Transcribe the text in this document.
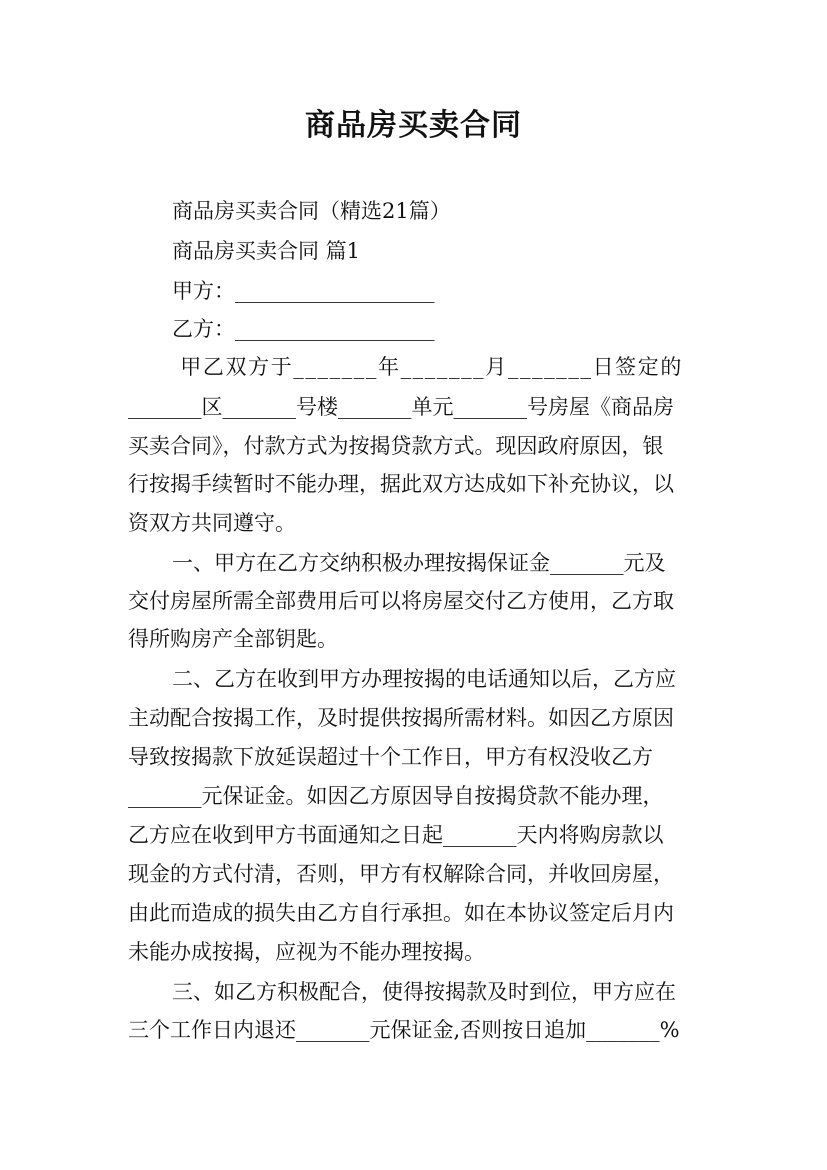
商品房买卖合同
商品房买卖合同（精选21篇）
商品房买卖合同 篇1
甲方：___________________
乙方：___________________
甲乙双方于_______年_______月_______日签定的
_______区_______号楼_______单元_______号房屋《商品房
买卖合同》，付款方式为按揭贷款方式。现因政府原因，银
行按揭手续暂时不能办理，据此双方达成如下补充协议，以
资双方共同遵守。
一、甲方在乙方交纳积极办理按揭保证金_______元及
交付房屋所需全部费用后可以将房屋交付乙方使用，乙方取
得所购房产全部钥匙。
二、乙方在收到甲方办理按揭的电话通知以后，乙方应
主动配合按揭工作，及时提供按揭所需材料。如因乙方原因
导致按揭款下放延误超过十个工作日，甲方有权没收乙方
_______元保证金。如因乙方原因导自按揭贷款不能办理，
乙方应在收到甲方书面通知之日起_______天内将购房款以
现金的方式付清，否则，甲方有权解除合同，并收回房屋，
由此而造成的损失由乙方自行承担。如在本协议签定后月内
未能办成按揭，应视为不能办理按揭。
三、如乙方积极配合，使得按揭款及时到位，甲方应在
三个工作日内退还_______元保证金,否则按日追加_______%
